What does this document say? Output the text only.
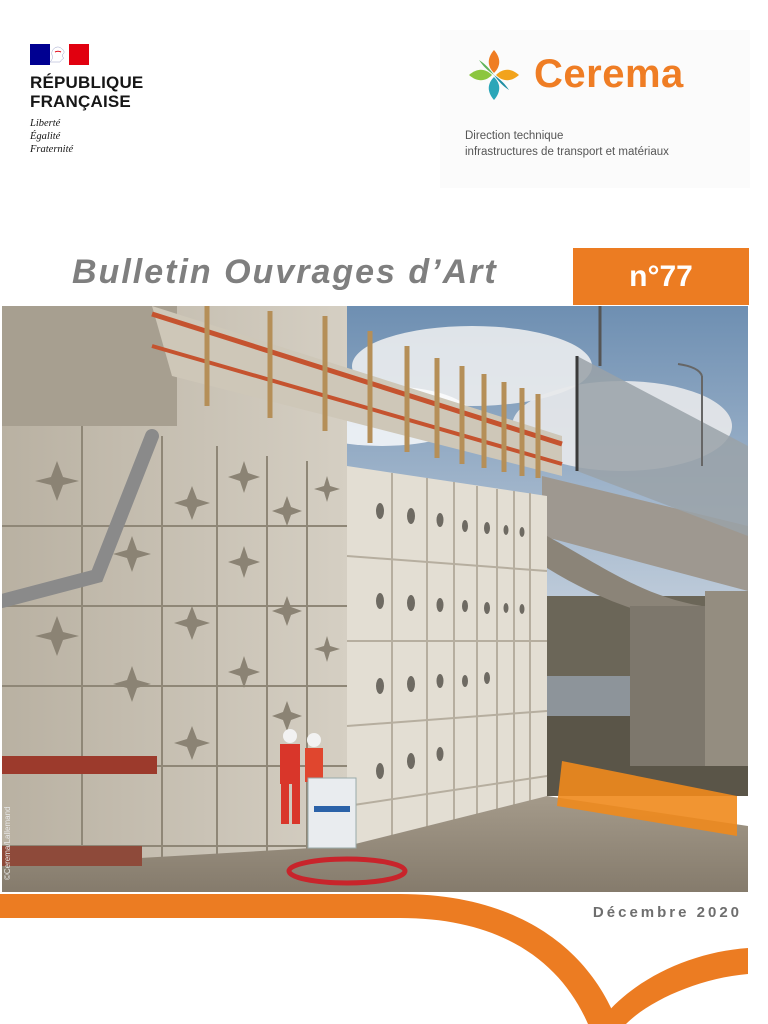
RÉPUBLIQUE
FRANÇAISE
Liberté
Égalité
Fraternité
Cerema
Direction technique
infrastructures de transport et matériaux
Bulletin Ouvrages d’Art	n°77
©Cerema/Lallemand
Décembre 2020
